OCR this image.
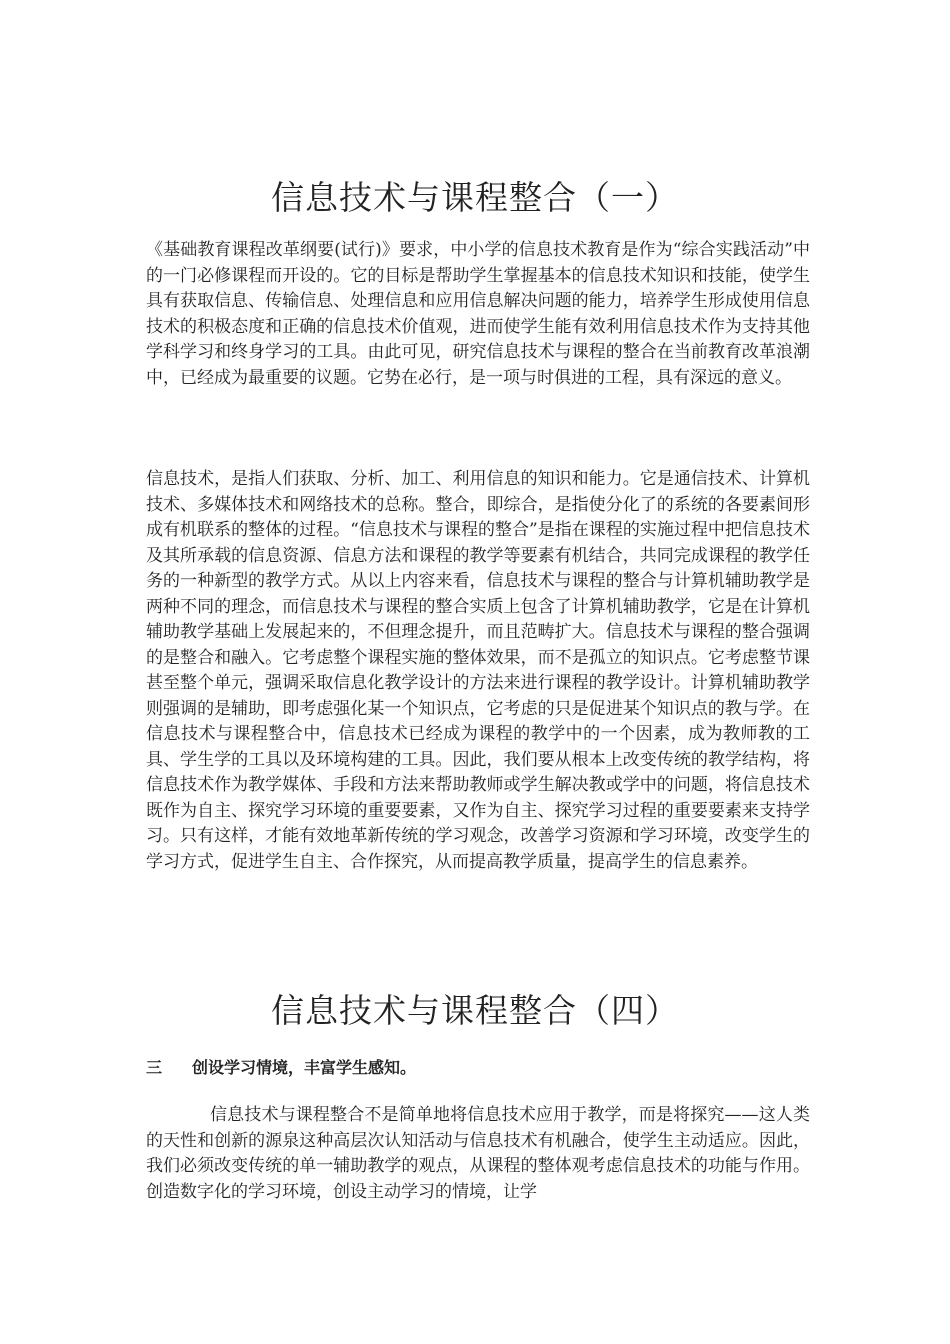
信息技术与课程整合（一）

《基础教育课程改革纲要(试行)》要求，中小学的信息技术教育是作为“综合实践活动”中的一门必修课程而开设的。它的目标是帮助学生掌握基本的信息技术知识和技能，使学生具有获取信息、传输信息、处理信息和应用信息解决问题的能力，培养学生形成使用信息技术的积极态度和正确的信息技术价值观，进而使学生能有效利用信息技术作为支持其他学科学习和终身学习的工具。由此可见，研究信息技术与课程的整合在当前教育改革浪潮中，已经成为最重要的议题。它势在必行，是一项与时俱进的工程，具有深远的意义。

信息技术，是指人们获取、分析、加工、利用信息的知识和能力。它是通信技术、计算机技术、多媒体技术和网络技术的总称。整合，即综合，是指使分化了的系统的各要素间形成有机联系的整体的过程。“信息技术与课程的整合”是指在课程的实施过程中把信息技术及其所承载的信息资源、信息方法和课程的教学等要素有机结合，共同完成课程的教学任务的一种新型的教学方式。从以上内容来看，信息技术与课程的整合与计算机辅助教学是两种不同的理念，而信息技术与课程的整合实质上包含了计算机辅助教学，它是在计算机辅助教学基础上发展起来的，不但理念提升，而且范畴扩大。信息技术与课程的整合强调的是整合和融入。它考虑整个课程实施的整体效果，而不是孤立的知识点。它考虑整节课甚至整个单元，强调采取信息化教学设计的方法来进行课程的教学设计。计算机辅助教学则强调的是辅助，即考虑强化某一个知识点，它考虑的只是促进某个知识点的教与学。在信息技术与课程整合中，信息技术已经成为课程的教学中的一个因素，成为教师教的工具、学生学的工具以及环境构建的工具。因此，我们要从根本上改变传统的教学结构，将信息技术作为教学媒体、手段和方法来帮助教师或学生解决教或学中的问题，将信息技术既作为自主、探究学习环境的重要要素，又作为自主、探究学习过程的重要要素来支持学习。只有这样，才能有效地革新传统的学习观念，改善学习资源和学习环境，改变学生的学习方式，促进学生自主、合作探究，从而提高教学质量，提高学生的信息素养。

信息技术与课程整合（四）

三 创设学习情境，丰富学生感知。

信息技术与课程整合不是简单地将信息技术应用于教学，而是将探究——这人类的天性和创新的源泉这种高层次认知活动与信息技术有机融合，使学生主动适应。因此，我们必须改变传统的单一辅助教学的观点，从课程的整体观考虑信息技术的功能与作用。创造数字化的学习环境，创设主动学习的情境，让学
